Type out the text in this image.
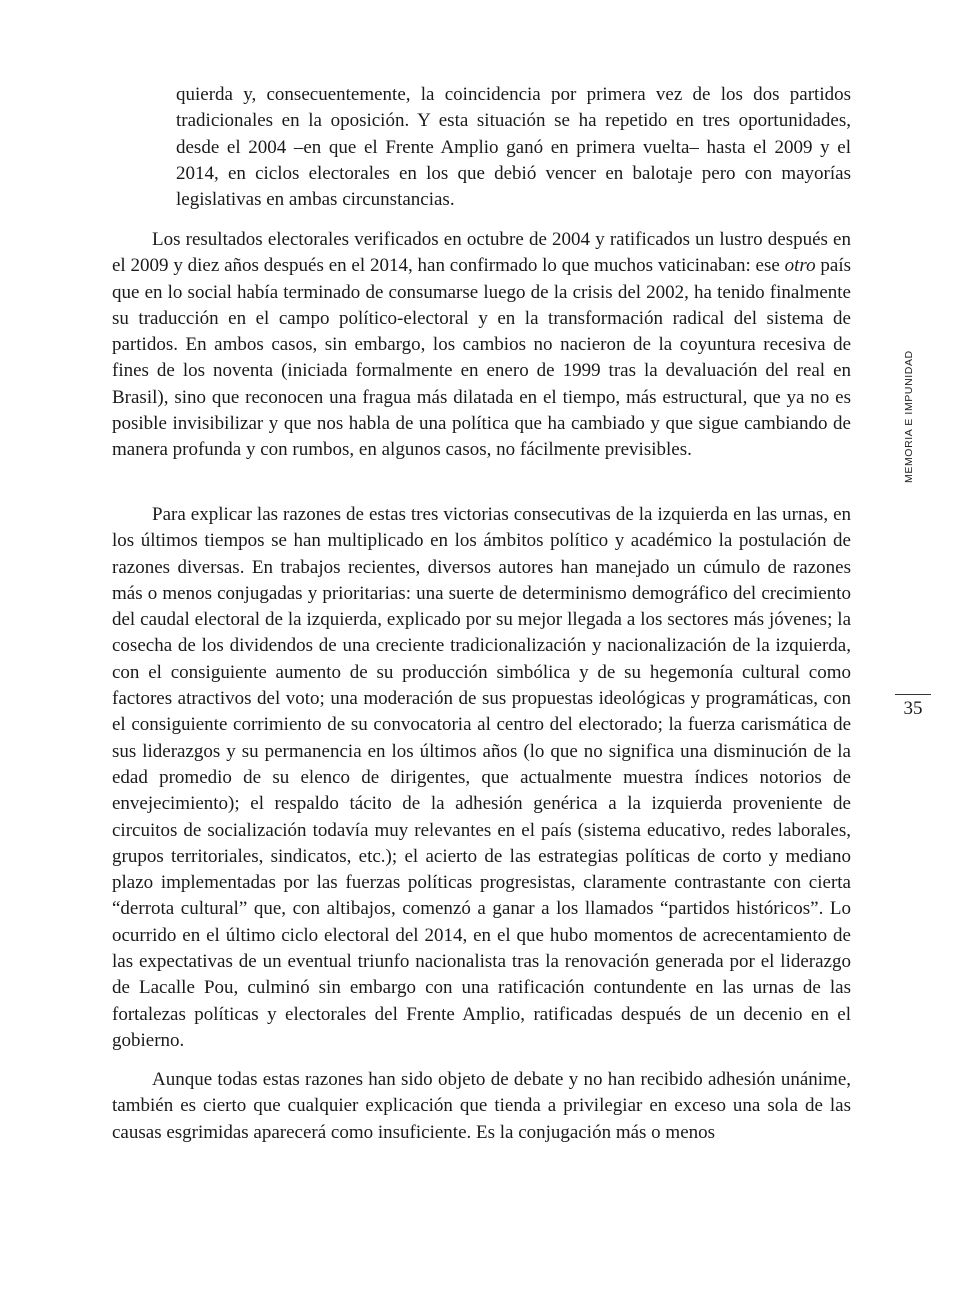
quierda y, consecuentemente, la coincidencia por primera vez de los dos partidos tradicionales en la oposición. Y esta situación se ha repetido en tres oportunidades, desde el 2004 –en que el Frente Amplio ganó en primera vuelta– hasta el 2009 y el 2014, en ciclos electorales en los que debió vencer en balotaje pero con mayorías legislativas en ambas circunstancias.

Los resultados electorales verificados en octubre de 2004 y ratificados un lustro después en el 2009 y diez años después en el 2014, han confirmado lo que muchos vaticinaban: ese otro país que en lo social había terminado de consumarse luego de la crisis del 2002, ha tenido finalmente su traducción en el campo político-electoral y en la transformación radical del sistema de partidos. En ambos casos, sin embargo, los cambios no nacieron de la coyuntura recesiva de fines de los noventa (iniciada formalmente en enero de 1999 tras la devaluación del real en Brasil), sino que reconocen una fragua más dilatada en el tiempo, más estructural, que ya no es posible invisibilizar y que nos habla de una política que ha cambiado y que sigue cambiando de manera profunda y con rumbos, en algunos casos, no fácilmente previsibles.

Para explicar las razones de estas tres victorias consecutivas de la izquierda en las urnas, en los últimos tiempos se han multiplicado en los ámbitos político y académico la postulación de razones diversas. En trabajos recientes, diversos autores han manejado un cúmulo de razones más o menos conjugadas y prioritarias: una suerte de determinismo demográfico del crecimiento del caudal electoral de la izquierda, explicado por su mejor llegada a los sectores más jóvenes; la cosecha de los dividendos de una creciente tradicionalización y nacionalización de la izquierda, con el consiguiente aumento de su producción simbólica y de su hegemonía cultural como factores atractivos del voto; una moderación de sus propuestas ideológicas y programáticas, con el consiguiente corrimiento de su convocatoria al centro del electorado; la fuerza carismática de sus liderazgos y su permanencia en los últimos años (lo que no significa una disminución de la edad promedio de su elenco de dirigentes, que actualmente muestra índices notorios de envejecimiento); el respaldo tácito de la adhesión genérica a la izquierda proveniente de circuitos de socialización todavía muy relevantes en el país (sistema educativo, redes laborales, grupos territoriales, sindicatos, etc.); el acierto de las estrategias políticas de corto y mediano plazo implementadas por las fuerzas políticas progresistas, claramente contrastante con cierta “derrota cultural” que, con altibajos, comenzó a ganar a los llamados “partidos históricos”. Lo ocurrido en el último ciclo electoral del 2014, en el que hubo momentos de acrecentamiento de las expectativas de un eventual triunfo nacionalista tras la renovación generada por el liderazgo de Lacalle Pou, culminó sin embargo con una ratificación contundente en las urnas de las fortalezas políticas y electorales del Frente Amplio, ratificadas después de un decenio en el gobierno.

Aunque todas estas razones han sido objeto de debate y no han recibido adhesión unánime, también es cierto que cualquier explicación que tienda a privilegiar en exceso una sola de las causas esgrimidas aparecerá como insuficiente. Es la conjugación más o menos

MEMORIA E IMPUNIDAD
35
